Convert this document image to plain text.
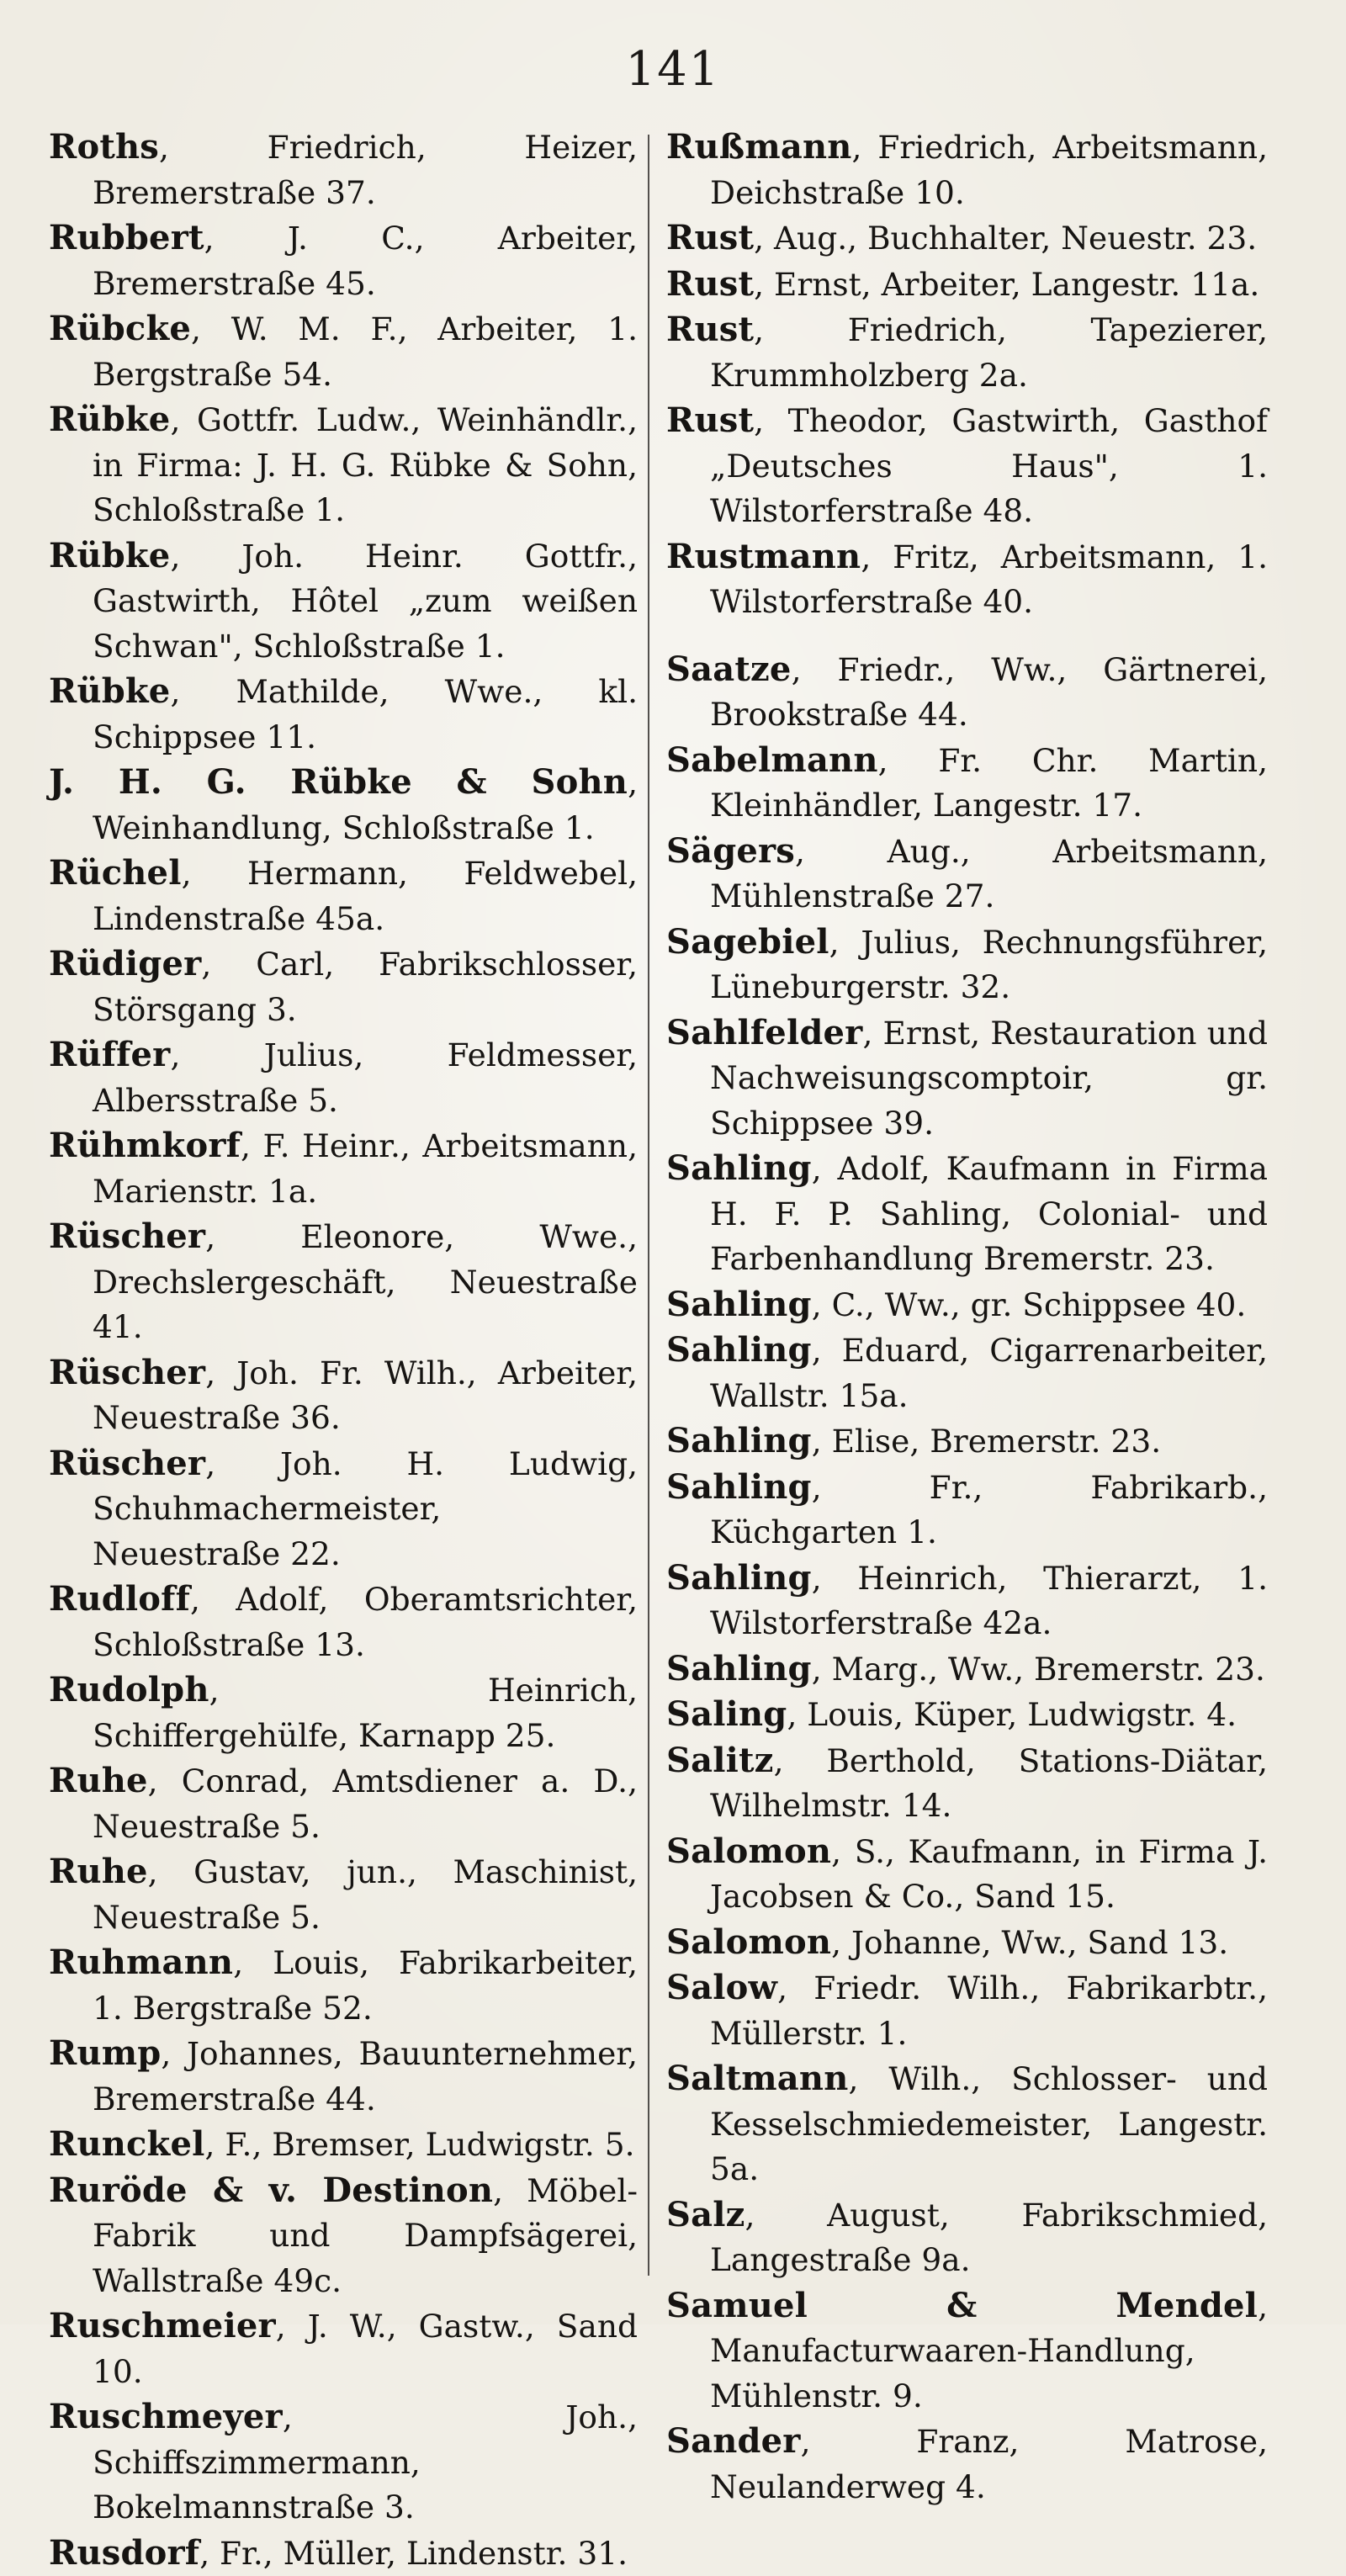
141

Roths, Friedrich, Heizer, Bremerstraße 37.

Rubbert, J. C., Arbeiter, Bremerstraße 45.

Rübcke, W. M. F., Arbeiter, 1. Bergstraße 54.

Rübke, Gottfr. Ludw., Weinhändlr., in Firma: J. H. G. Rübke & Sohn, Schloßstraße 1.

Rübke, Joh. Heinr. Gottfr., Gastwirth, Hôtel „zum weißen Schwan", Schloßstraße 1.

Rübke, Mathilde, Wwe., kl. Schippsee 11.

J. H. G. Rübke & Sohn, Weinhandlung, Schloßstraße 1.

Rüchel, Hermann, Feldwebel, Lindenstraße 45a.

Rüdiger, Carl, Fabrikschlosser, Störsgang 3.

Rüffer, Julius, Feldmesser, Albersstraße 5.

Rühmkorf, F. Heinr., Arbeitsmann, Marienstr. 1a.

Rüscher, Eleonore, Wwe., Drechslergeschäft, Neuestraße 41.

Rüscher, Joh. Fr. Wilh., Arbeiter, Neuestraße 36.

Rüscher, Joh. H. Ludwig, Schuhmachermeister, Neuestraße 22.

Rudloff, Adolf, Oberamtsrichter, Schloßstraße 13.

Rudolph, Heinrich, Schiffergehülfe, Karnapp 25.

Ruhe, Conrad, Amtsdiener a. D., Neuestraße 5.

Ruhe, Gustav, jun., Maschinist, Neuestraße 5.

Ruhmann, Louis, Fabrikarbeiter, 1. Bergstraße 52.

Rump, Johannes, Bauunternehmer, Bremerstraße 44.

Runckel, F., Bremser, Ludwigstr. 5.

Ruröde & v. Destinon, Möbel-Fabrik und Dampfsägerei, Wallstraße 49c.

Ruschmeier, J. W., Gastw., Sand 10.

Ruschmeyer, Joh., Schiffszimmermann, Bokelmannstraße 3.

Rusdorf, Fr., Müller, Lindenstr. 31.

Rußmann, Friedrich, Arbeitsmann, Deichstraße 10.

Rust, Aug., Buchhalter, Neuestr. 23.

Rust, Ernst, Arbeiter, Langestr. 11a.

Rust, Friedrich, Tapezierer, Krummholzberg 2a.

Rust, Theodor, Gastwirth, Gasthof „Deutsches Haus", 1. Wilstorferstraße 48.

Rustmann, Fritz, Arbeitsmann, 1. Wilstorferstraße 40.

Saatze, Friedr., Ww., Gärtnerei, Brookstraße 44.

Sabelmann, Fr. Chr. Martin, Kleinhändler, Langestr. 17.

Sägers, Aug., Arbeitsmann, Mühlenstraße 27.

Sagebiel, Julius, Rechnungsführer, Lüneburgerstr. 32.

Sahlfelder, Ernst, Restauration und Nachweisungscomptoir, gr. Schippsee 39.

Sahling, Adolf, Kaufmann in Firma H. F. P. Sahling, Colonial- und Farbenhandlung Bremerstr. 23.

Sahling, C., Ww., gr. Schippsee 40.

Sahling, Eduard, Cigarrenarbeiter, Wallstr. 15a.

Sahling, Elise, Bremerstr. 23.

Sahling, Fr., Fabrikarb., Küchgarten 1.

Sahling, Heinrich, Thierarzt, 1. Wilstorferstraße 42a.

Sahling, Marg., Ww., Bremerstr. 23.

Saling, Louis, Küper, Ludwigstr. 4.

Salitz, Berthold, Stations-Diätar, Wilhelmstr. 14.

Salomon, S., Kaufmann, in Firma J. Jacobsen & Co., Sand 15.

Salomon, Johanne, Ww., Sand 13.

Salow, Friedr. Wilh., Fabrikarbtr., Müllerstr. 1.

Saltmann, Wilh., Schlosser- und Kesselschmiedemeister, Langestr. 5a.

Salz, August, Fabrikschmied, Langestraße 9a.

Samuel & Mendel, Manufacturwaaren-Handlung, Mühlenstr. 9.

Sander, Franz, Matrose, Neulanderweg 4.
